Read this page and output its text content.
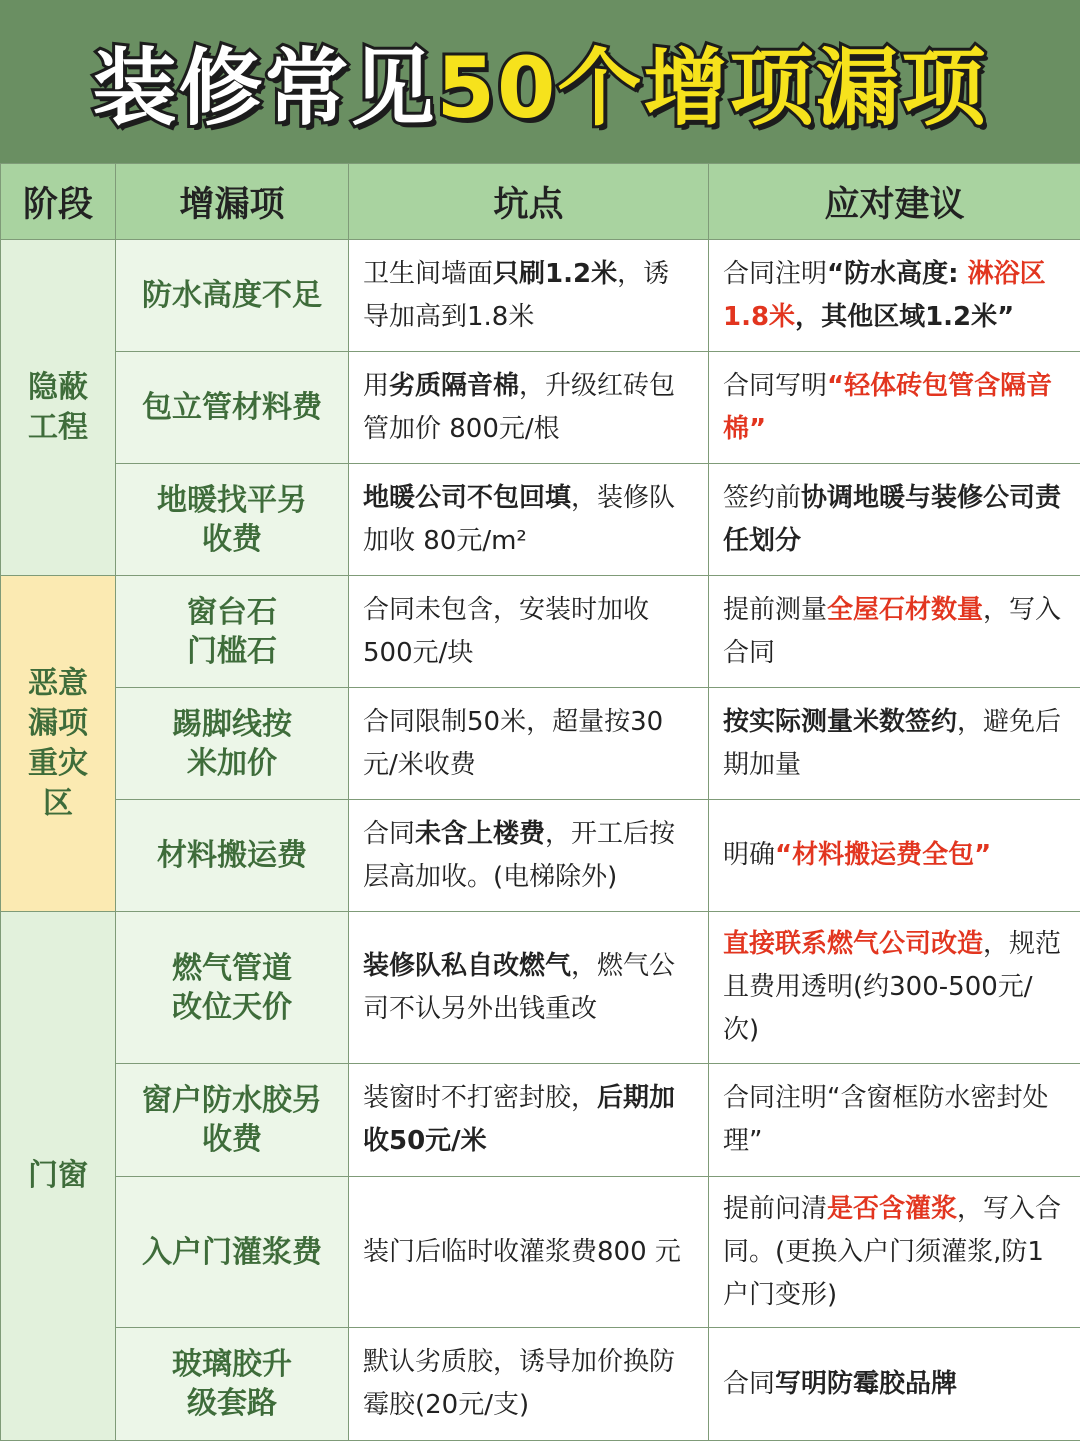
装修常见 50个增项漏项
阶段	增漏项	坑点	应对建议
隐蔽工程	防水高度不足	卫生间墙面只刷1.2米，诱导加高到1.8米	合同注明“防水高度: 淋浴区1.8米，其他区域1.2米”
	包立管材料费	用劣质隔音棉，升级红砖包管加价 800元/根	合同写明“轻体砖包管含隔音棉”
	地暖找平另收费	地暖公司不包回填，装修队加收 80元/m²	签约前协调地暖与装修公司责任划分
恶意漏项重灾区	窗台石门槛石	合同未包含，安装时加收500元/块	提前测量全屋石材数量，写入合同
	踢脚线按米加价	合同限制50米，超量按30元/米收费	按实际测量米数签约，避免后期加量
	材料搬运费	合同未含上楼费，开工后按层高加收。(电梯除外)	明确“材料搬运费全包”
门窗	燃气管道改位天价	装修队私自改燃气，燃气公司不认另外出钱重改	直接联系燃气公司改造，规范且费用透明(约300-500元/次)
	窗户防水胶另收费	装窗时不打密封胶，后期加收50元/米	合同注明“含窗框防水密封处理”
	入户门灌浆费	装门后临时收灌浆费800 元	提前问清是否含灌浆，写入合同。(更换入户门须灌浆,防1户门变形)
	玻璃胶升级套路	默认劣质胶，诱导加价换防霉胶(20元/支)	合同写明防霉胶品牌
